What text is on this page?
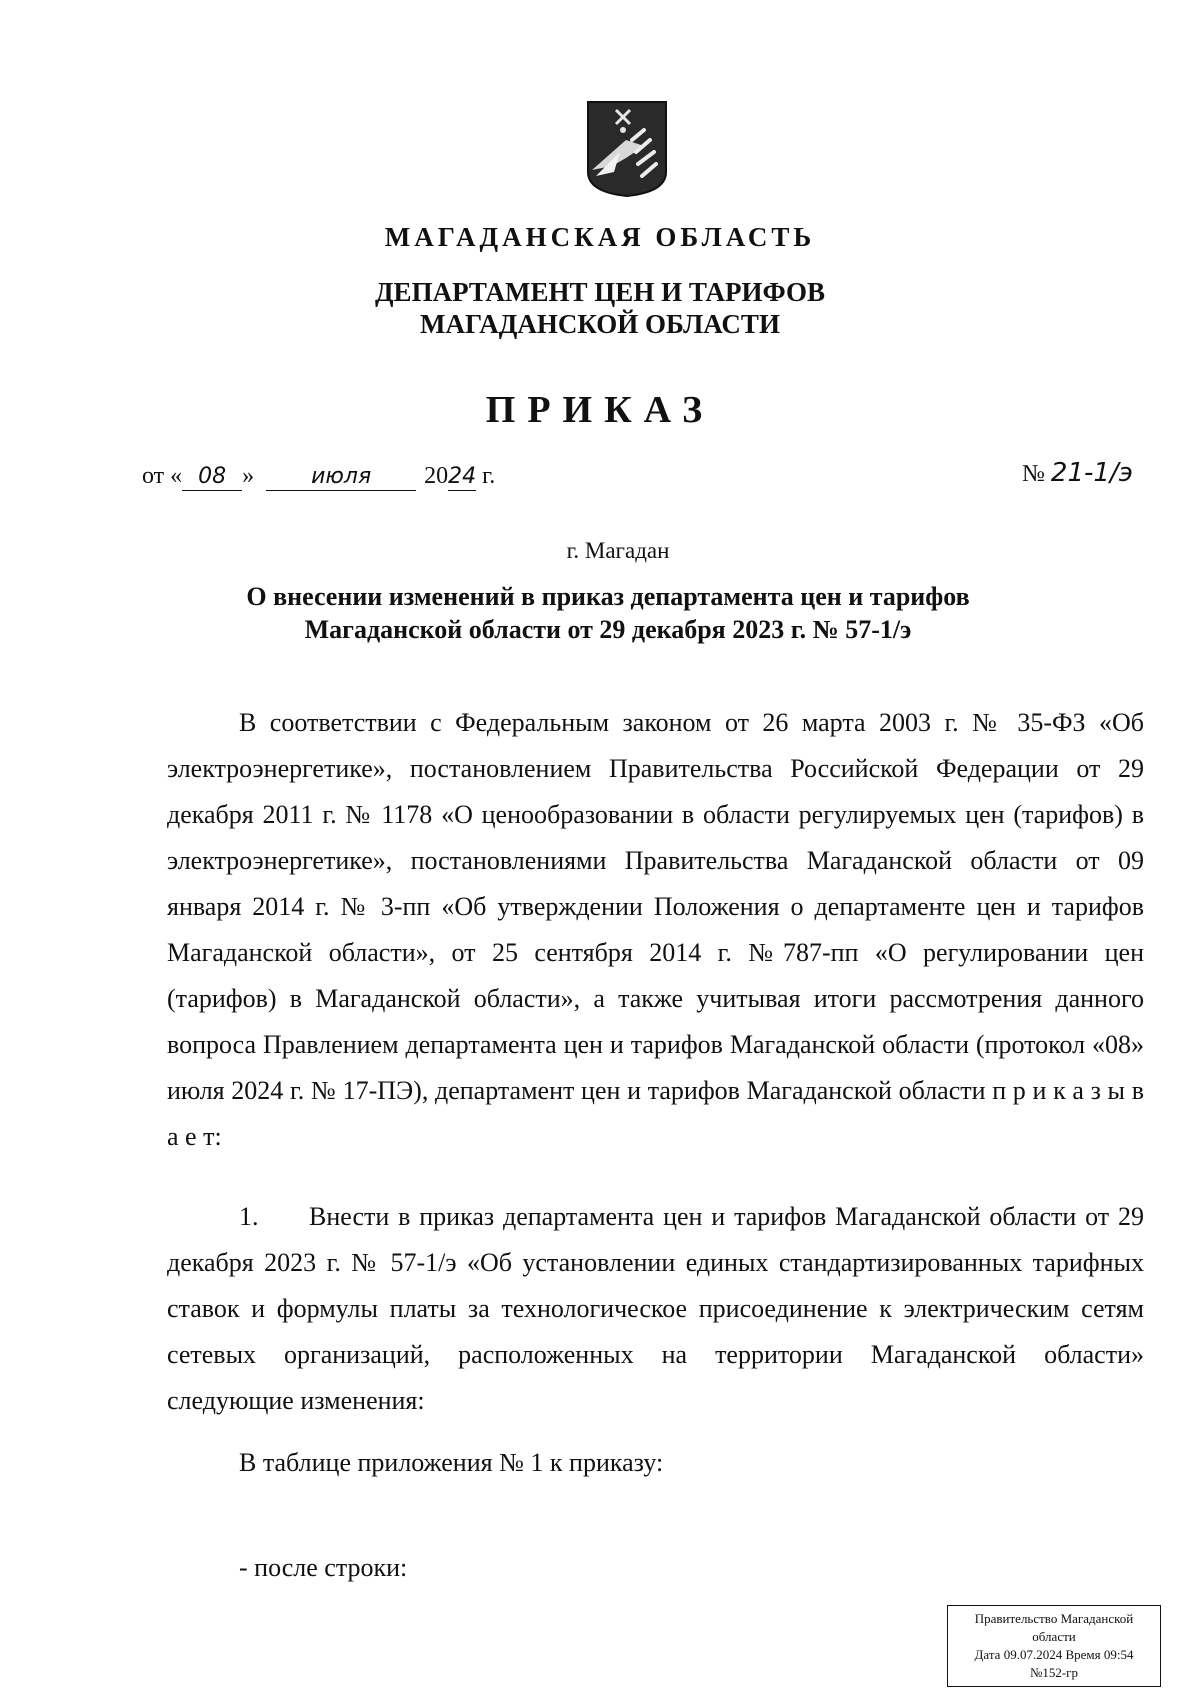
МАГАДАНСКАЯ ОБЛАСТЬ
ДЕПАРТАМЕНТ ЦЕН И ТАРИФОВ
МАГАДАНСКОЙ ОБЛАСТИ
ПРИКАЗ
от « 08 »	июля 2024 г.	№ 21-1/э
г. Магадан
О внесении изменений в приказ департамента цен и тарифов
Магаданской области от 29 декабря 2023 г. № 57-1/э
В соответствии с Федеральным законом от 26 марта 2003 г. № 35-ФЗ «Об электроэнергетике», постановлением Правительства Российской Федерации от 29 декабря 2011 г. № 1178 «О ценообразовании в области регулируемых цен (тарифов) в электроэнергетике», постановлениями Правительства Магаданской области от 09 января 2014 г. № 3-пп «Об утверждении Положения о департаменте цен и тарифов Магаданской области», от 25 сентября 2014 г. №787-пп «О регулировании цен (тарифов) в Магаданской области», а также учитывая итоги рассмотрения данного вопроса Правлением департамента цен и тарифов Магаданской области (протокол «08» июля 2024 г. № 17-ПЭ), департамент цен и тарифов Магаданской области п р и к а з ы в а е т:
1. Внести в приказ департамента цен и тарифов Магаданской области от 29 декабря 2023 г. № 57-1/э «Об установлении единых стандартизированных тарифных ставок и формулы платы за технологическое присоединение к электрическим сетям сетевых организаций, расположенных на территории Магаданской области» следующие изменения:
В таблице приложения № 1 к приказу:
- после строки:
Правительство Магаданской
области
Дата 09.07.2024 Время 09:54
№152-гр
